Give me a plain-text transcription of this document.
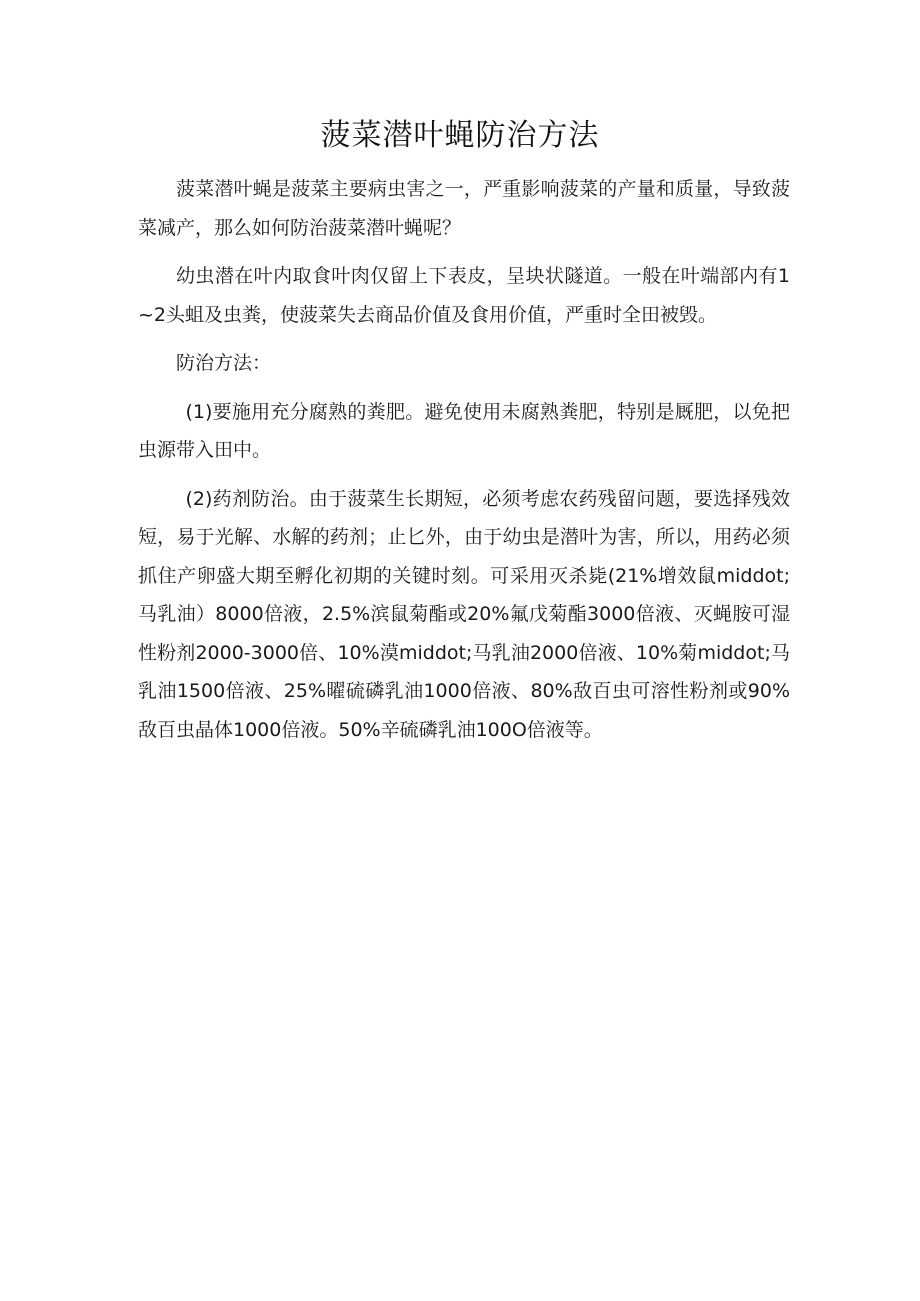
菠菜潜叶蝇防治方法

菠菜潜叶蝇是菠菜主要病虫害之一，严重影响菠菜的产量和质量，导致菠菜减产，那么如何防治菠菜潜叶蝇呢？

幼虫潜在叶内取食叶肉仅留上下表皮，呈块状隧道。一般在叶端部内有1~2头蛆及虫粪，使菠菜失去商品价值及食用价值，严重时全田被毁。

防治方法：

(1)要施用充分腐熟的粪肥。避免使用未腐熟粪肥，特别是厩肥，以免把虫源带入田中。

(2)药剂防治。由于菠菜生长期短，必须考虑农药残留问题，要选择残效短，易于光解、水解的药剂；止匕外，由于幼虫是潜叶为害，所以，用药必须抓住产卵盛大期至孵化初期的关键时刻。可采用灭杀毙(21%增效鼠middot;马乳油）8000倍液，2.5%滨鼠菊酯或20%氟戊菊酯3000倍液、灭蝇胺可湿性粉剂2000-3000倍、10%漠middot;马乳油2000倍液、10%菊middot;马乳油1500倍液、25%曜硫磷乳油1000倍液、80%敌百虫可溶性粉剂或90%敌百虫晶体1000倍液。50%辛硫磷乳油100O倍液等。
